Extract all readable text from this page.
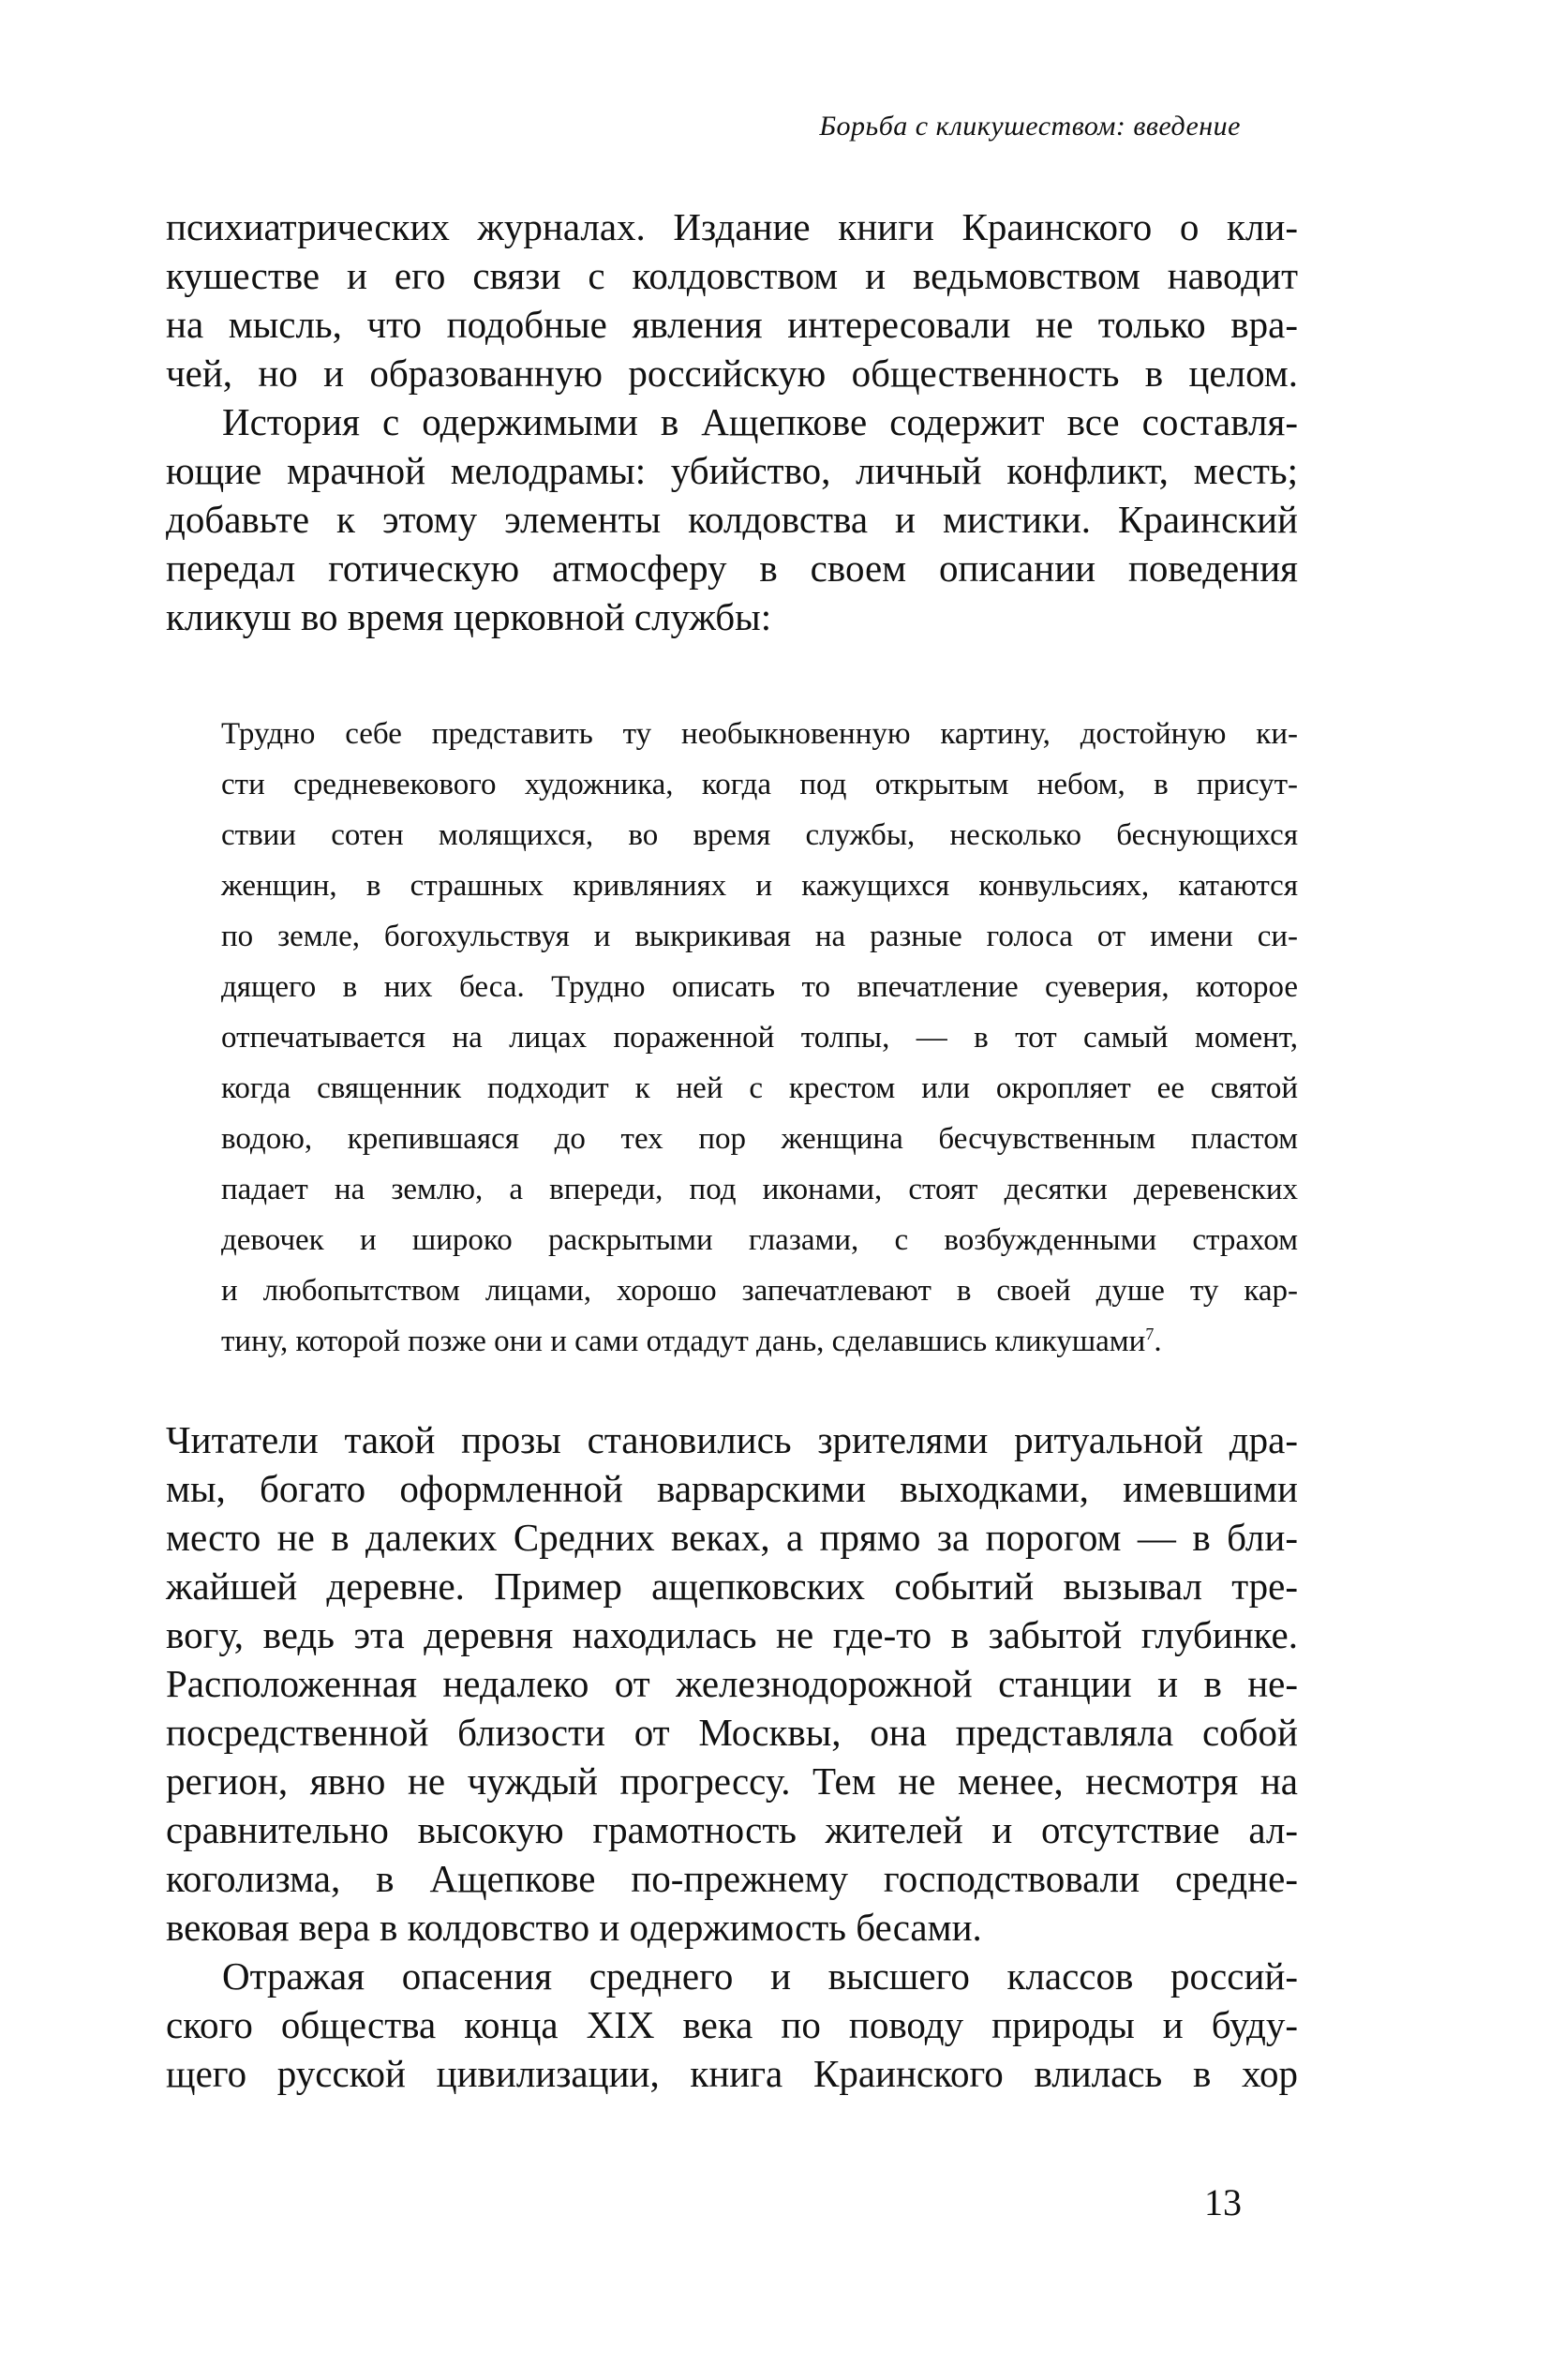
Борьба с кликушеством: введение
психиатрических журналах. Издание книги Краинского о кли-
кушестве и его связи с колдовством и ведьмовством наводит
на мысль, что подобные явления интересовали не только вра-
чей, но и образованную российскую общественность в целом.
История с одержимыми в Ащепкове содержит все составля-
ющие мрачной мелодрамы: убийство, личный конфликт, месть;
добавьте к этому элементы колдовства и мистики. Краинский
передал готическую атмосферу в своем описании поведения
кликуш во время церковной службы:
Трудно себе представить ту необыкновенную картину, достойную ки-
сти средневекового художника, когда под открытым небом, в присут-
ствии сотен молящихся, во время службы, несколько беснующихся
женщин, в страшных кривляниях и кажущихся конвульсиях, катаются
по земле, богохульствуя и выкрикивая на разные голоса от имени си-
дящего в них беса. Трудно описать то впечатление суеверия, которое
отпечатывается на лицах пораженной толпы, — в тот самый момент,
когда священник подходит к ней с крестом или окропляет ее святой
водою, крепившаяся до тех пор женщина бесчувственным пластом
падает на землю, а впереди, под иконами, стоят десятки деревенских
девочек и широко раскрытыми глазами, с возбужденными страхом
и любопытством лицами, хорошо запечатлевают в своей душе ту кар-
тину, которой позже они и сами отдадут дань, сделавшись кликушами$^7$.
Читатели такой прозы становились зрителями ритуальной дра-
мы, богато оформленной варварскими выходками, имевшими
место не в далеких Средних веках, а прямо за порогом — в бли-
жайшей деревне. Пример ащепковских событий вызывал тре-
вогу, ведь эта деревня находилась не где-то в забытой глубинке.
Расположенная недалеко от железнодорожной станции и в не-
посредственной близости от Москвы, она представляла собой
регион, явно не чуждый прогрессу. Тем не менее, несмотря на
сравнительно высокую грамотность жителей и отсутствие ал-
коголизма, в Ащепкове по-прежнему господствовали средне-
вековая вера в колдовство и одержимость бесами.
Отражая опасения среднего и высшего классов россий-
ского общества конца XIX века по поводу природы и буду-
щего русской цивилизации, книга Краинского влилась в хор
13
